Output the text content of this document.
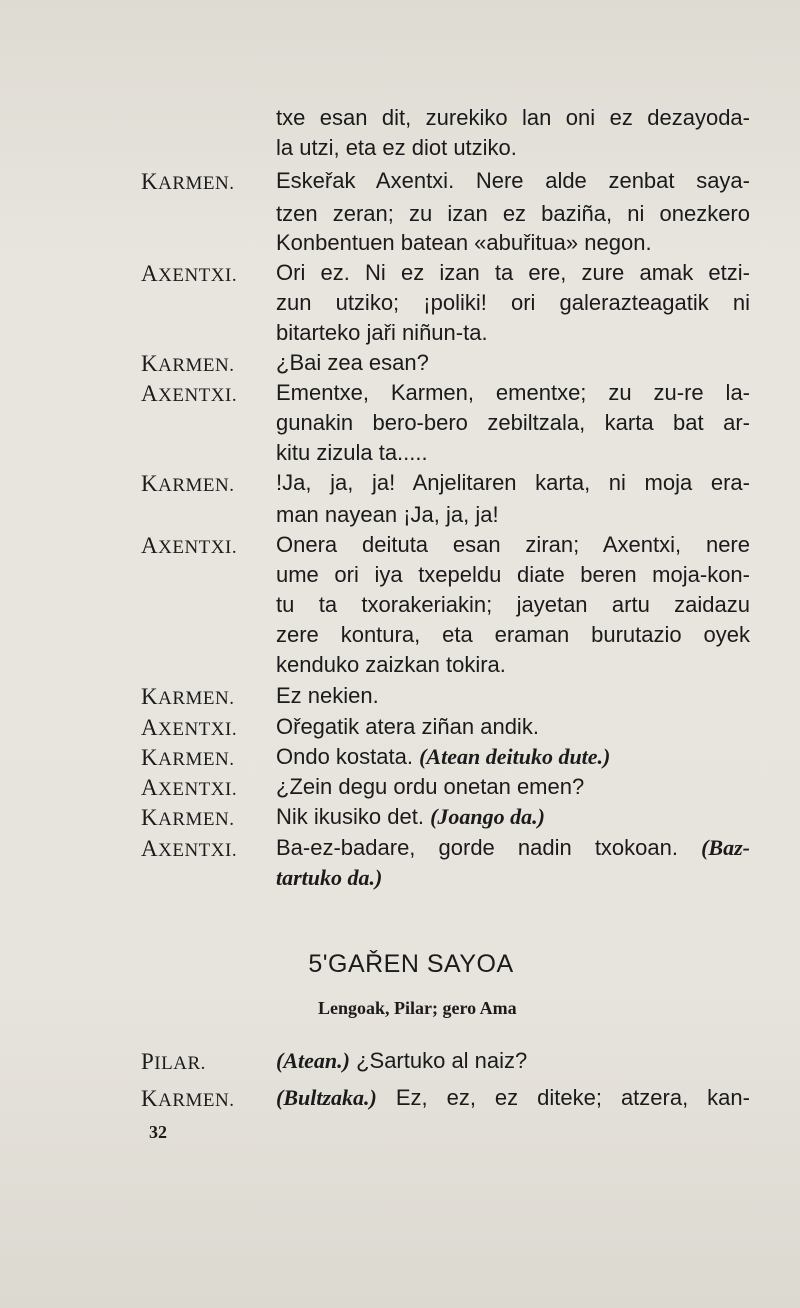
txe esan dit, zurekiko lan oni ez dezayoda-
la utzi, eta ez diot utziko.
KARMEN. Eskeřak Axentxi. Nere alde zenbat saya-
tzen zeran; zu izan ez baziña, ni onezkero
Konbentuen batean «abuřitua» negon.
AXENTXI. Ori ez. Ni ez izan ta ere, zure amak etzi-
zun utziko; ¡poliki! ori galerazteagatik ni
bitarteko jaři niñun-ta.
KARMEN. ¿Bai zea esan?
AXENTXI. Ementxe, Karmen, ementxe; zu zu-re la-
gunakin bero-bero zebiltzala, karta bat ar-
kitu zizula ta.....
KARMEN. !Ja, ja, ja! Anjelitaren karta, ni moja era-
man nayean ¡Ja, ja, ja!
AXENTXI. Onera deituta esan ziran; Axentxi, nere
ume ori iya txepeldu diate beren moja-kon-
tu ta txorakeriakin; jayetan artu zaidazu
zere kontura, eta eraman burutazio oyek
kenduko zaizkan tokira.
KARMEN. Ez nekien.
AXENTXI. Ořegatik atera ziñan andik.
KARMEN. Ondo kostata. (Atean deituko dute.)
AXENTXI. ¿Zein degu ordu onetan emen?
KARMEN. Nik ikusiko det. (Joango da.)
AXENTXI. Ba-ez-badare, gorde nadin txokoan. (Baz-
tartuko da.)
5'GAŘEN SAYOA
Lengoak, Pilar; gero Ama
PILAR.	(Atean.) ¿Sartuko al naiz?
KARMEN. (Bultzaka.) Ez, ez, ez diteke; atzera, kan-
32
